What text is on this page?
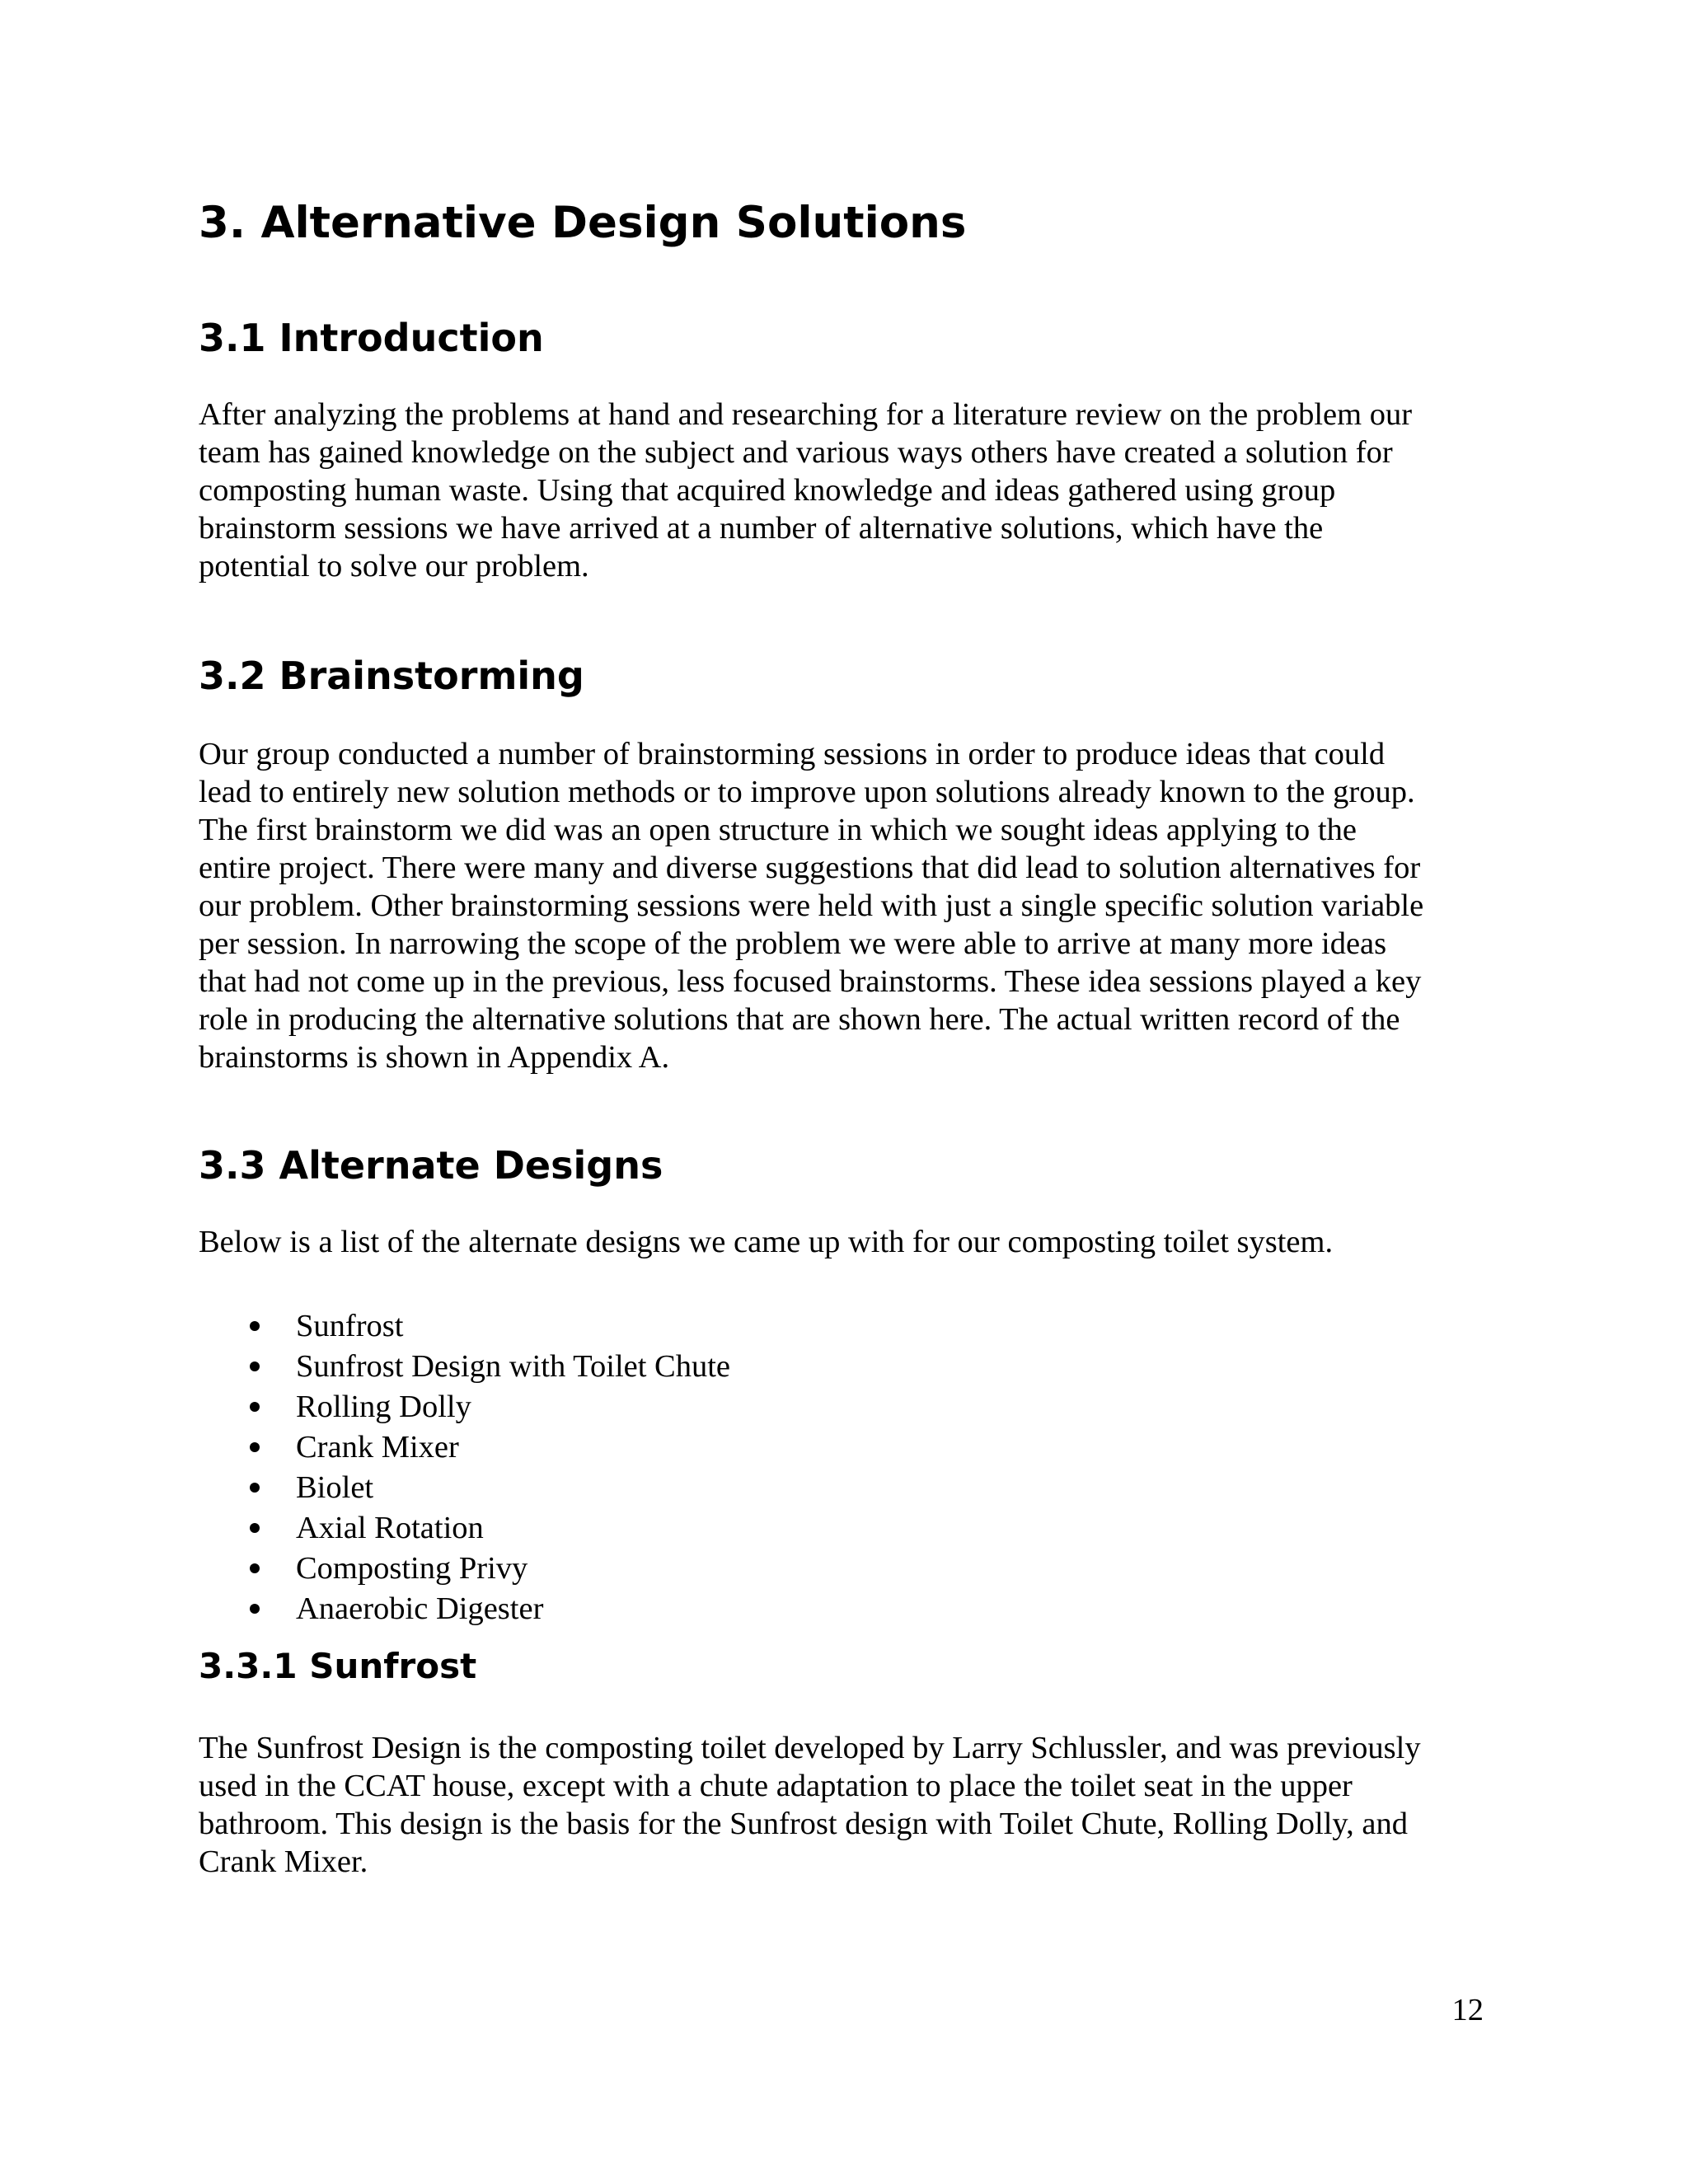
3. Alternative Design Solutions
3.1 Introduction
After analyzing the problems at hand and researching for a literature review on the problem our
team has gained knowledge on the subject and various ways others have created a solution for
composting human waste. Using that acquired knowledge and ideas gathered using group
brainstorm sessions we have arrived at a number of alternative solutions, which have the
potential to solve our problem.
3.2 Brainstorming
Our group conducted a number of brainstorming sessions in order to produce ideas that could
lead to entirely new solution methods or to improve upon solutions already known to the group.
The first brainstorm we did was an open structure in which we sought ideas applying to the
entire project. There were many and diverse suggestions that did lead to solution alternatives for
our problem. Other brainstorming sessions were held with just a single specific solution variable
per session. In narrowing the scope of the problem we were able to arrive at many more ideas
that had not come up in the previous, less focused brainstorms. These idea sessions played a key
role in producing the alternative solutions that are shown here. The actual written record of the
brainstorms is shown in Appendix A.
3.3 Alternate Designs
Below is a list of the alternate designs we came up with for our composting toilet system.
Sunfrost
Sunfrost Design with Toilet Chute
Rolling Dolly
Crank Mixer
Biolet
Axial Rotation
Composting Privy
Anaerobic Digester
3.3.1 Sunfrost
The Sunfrost Design is the composting toilet developed by Larry Schlussler, and was previously
used in the CCAT house, except with a chute adaptation to place the toilet seat in the upper
bathroom. This design is the basis for the Sunfrost design with Toilet Chute, Rolling Dolly, and
Crank Mixer.
12
